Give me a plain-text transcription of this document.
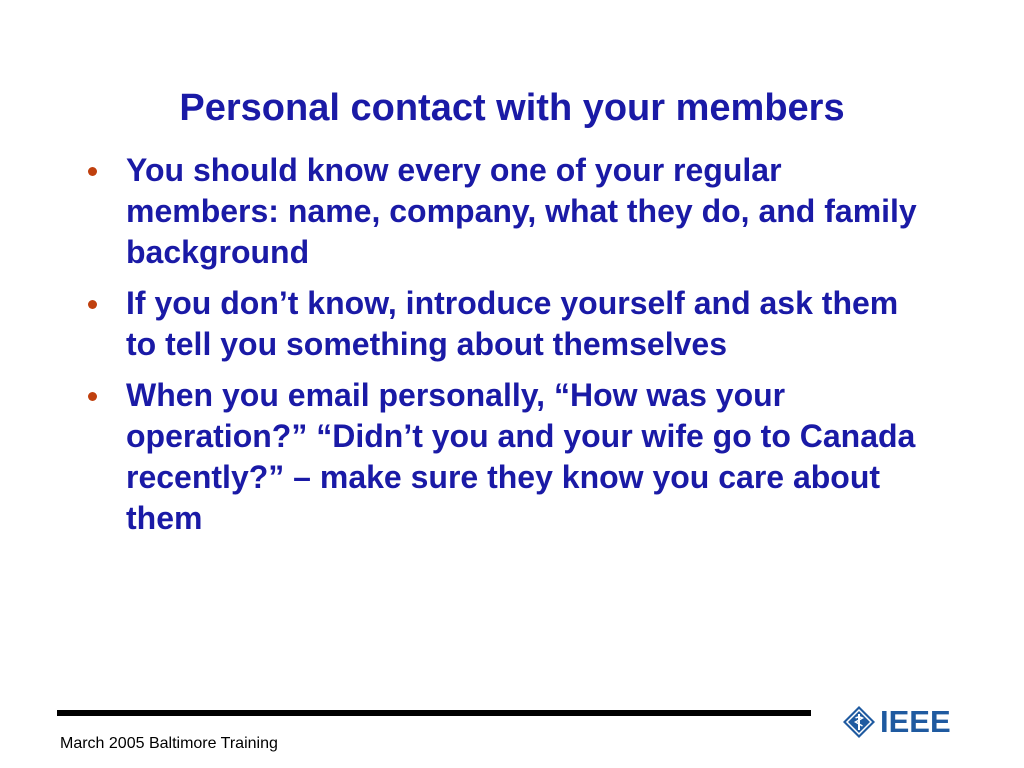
Personal contact with your members
You should know every one of your regular members: name, company, what they do, and family background
If you don’t know, introduce yourself and ask them to tell you something about themselves
When you email personally, “How was your operation?” “Didn’t you and your wife go to Canada recently?” – make sure they know you care about them
March 2005 Baltimore Training
IEEE
